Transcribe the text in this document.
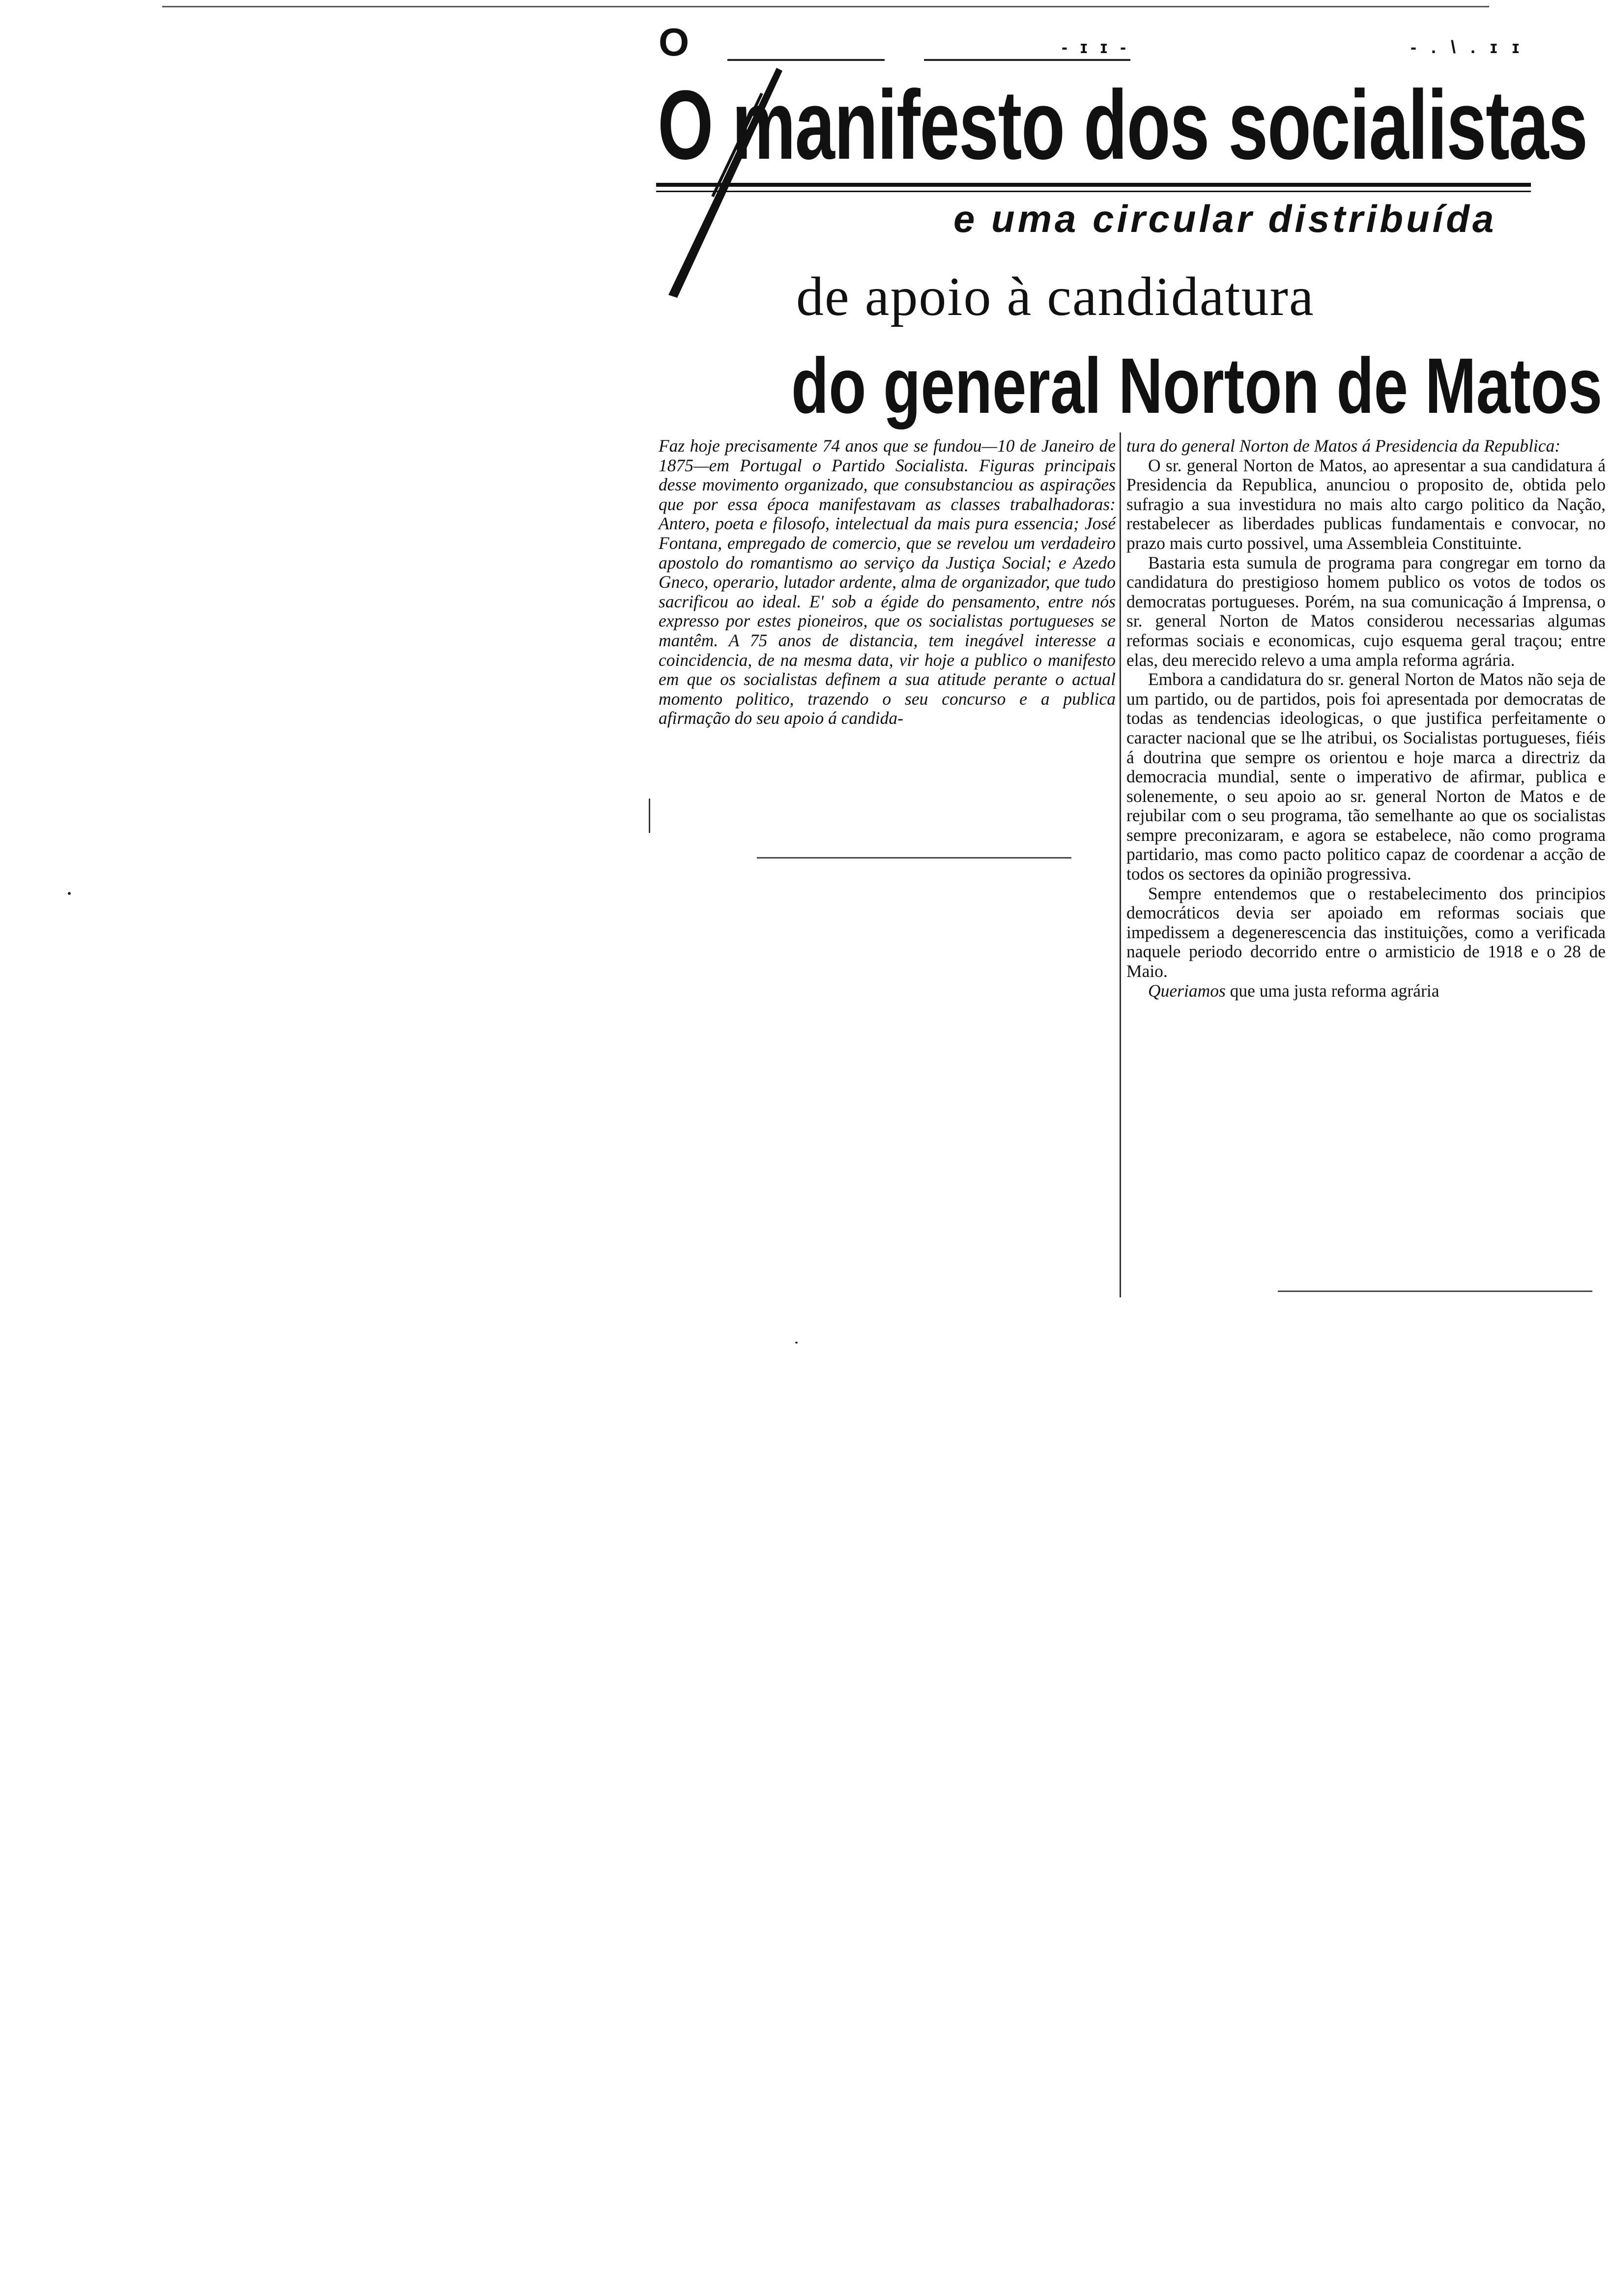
O	- ɪ ɪ -	- . \ . ɪ ɪ
O manifesto dos socialistas
e uma circular distribuída
de apoio à candidatura
do general Norton de Matos

Faz hoje precisamente 74 anos que se fundou—10 de Janeiro de 1875—em Portugal o Partido Socialista. Figuras principais desse movimento organizado, que consubstanciou as aspirações que por essa época manifestavam as classes trabalhadoras: Antero, poeta e filosofo, intelectual da mais pura essencia; José Fontana, empregado de comercio, que se revelou um verdadeiro apostolo do romantismo ao serviço da Justiça Social; e Azedo Gneco, operario, lutador ardente, alma de organizador, que tudo sacrificou ao ideal. E' sob a égide do pensamento, entre nós expresso por estes pioneiros, que os socialistas portugueses se mantêm. A 75 anos de distancia, tem inegável interesse a coincidencia, de na mesma data, vir hoje a publico o manifesto em que os socialistas definem a sua atitude perante o actual momento politico, trazendo o seu concurso e a publica afirmação do seu apoio á candida-

tura do general Norton de Matos á Presidencia da Republica:

O sr. general Norton de Matos, ao apresentar a sua candidatura á Presidencia da Republica, anunciou o proposito de, obtida pelo sufragio a sua investidura no mais alto cargo politico da Nação, restabelecer as liberdades publicas fundamentais e convocar, no prazo mais curto possivel, uma Assembleia Constituinte.

Bastaria esta sumula de programa para congregar em torno da candidatura do prestigioso homem publico os votos de todos os democratas portugueses. Porém, na sua comunicação á Imprensa, o sr. general Norton de Matos considerou necessarias algumas reformas sociais e economicas, cujo esquema geral traçou; entre elas, deu merecido relevo a uma ampla reforma agrária.

Embora a candidatura do sr. general Norton de Matos não seja de um partido, ou de partidos, pois foi apresentada por democratas de todas as tendencias ideologicas, o que justifica perfeitamente o caracter nacional que se lhe atribui, os Socialistas portugueses, fiéis á doutrina que sempre os orientou e hoje marca a directriz da democracia mundial, sente o imperativo de afirmar, publica e solenemente, o seu apoio ao sr. general Norton de Matos e de rejubilar com o seu programa, tão semelhante ao que os socialistas sempre preconizaram, e agora se estabelece, não como programa partidario, mas como pacto politico capaz de coordenar a acção de todos os sectores da opinião progressiva.

Sempre entendemos que o restabelecimento dos principios democráticos devia ser apoiado em reformas sociais que impedissem a degenerescencia das instituições, como a verificada naquele periodo decorrido entre o armisticio de 1918 e o 28 de Maio.

Queriamos que uma justa reforma agrária
